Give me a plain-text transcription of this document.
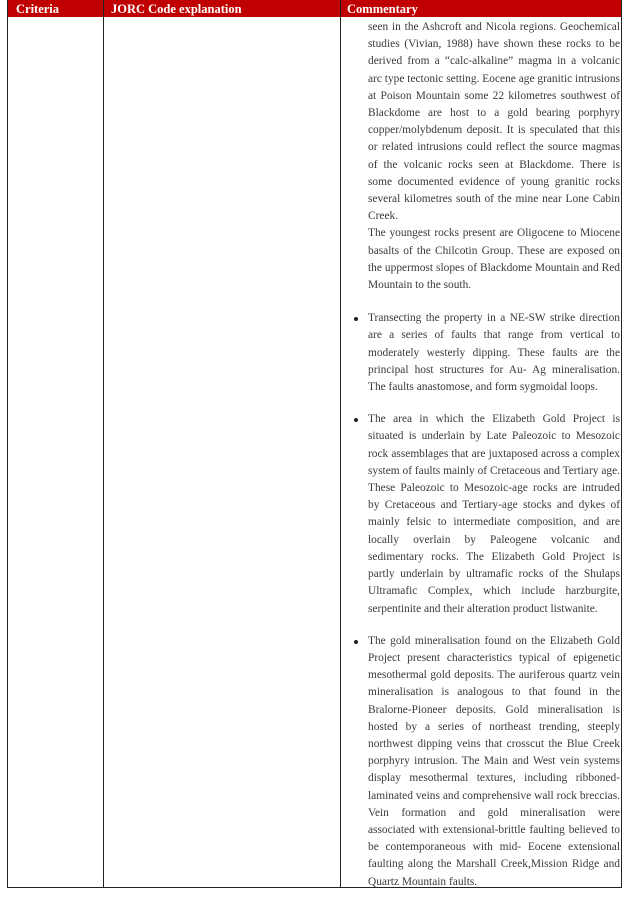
Criteria	JORC Code explanation	Commentary

seen in the Ashcroft and Nicola regions. Geochemical studies (Vivian, 1988) have shown these rocks to be derived from a “calc-alkaline” magma in a volcanic arc type tectonic setting. Eocene age granitic intrusions at Poison Mountain some 22 kilometres southwest of Blackdome are host to a gold bearing porphyry copper/molybdenum deposit. It is speculated that this or related intrusions could reflect the source magmas of the volcanic rocks seen at Blackdome. There is some documented evidence of young granitic rocks several kilometres south of the mine near Lone Cabin Creek.

The youngest rocks present are Oligocene to Miocene basalts of the Chilcotin Group. These are exposed on the uppermost slopes of Blackdome Mountain and Red Mountain to the south.

Transecting the property in a NE-SW strike direction are a series of faults that range from vertical to moderately westerly dipping. These faults are the principal host structures for Au- Ag mineralisation. The faults anastomose, and form sygmoidal loops.
The area in which the Elizabeth Gold Project is situated is underlain by Late Paleozoic to Mesozoic rock assemblages that are juxtaposed across a complex system of faults mainly of Cretaceous and Tertiary age. These Paleozoic to Mesozoic-age rocks are intruded by Cretaceous and Tertiary-age stocks and dykes of mainly felsic to intermediate composition, and are locally overlain by Paleogene volcanic and sedimentary rocks. The Elizabeth Gold Project is partly underlain by ultramafic rocks of the Shulaps Ultramafic Complex, which include harzburgite, serpentinite and their alteration product listwanite.
The gold mineralisation found on the Elizabeth Gold Project present characteristics typical of epigenetic mesothermal gold deposits. The auriferous quartz vein mineralisation is analogous to that found in the Bralorne-Pioneer deposits. Gold mineralisation is hosted by a series of northeast trending, steeply northwest dipping veins that crosscut the Blue Creek porphyry intrusion. The Main and West vein systems display mesothermal textures, including ribboned-laminated veins and comprehensive wall rock breccias. Vein formation and gold mineralisation were associated with extensional-brittle faulting believed to be contemporaneous with mid- Eocene extensional faulting along the Marshall Creek,Mission Ridge and Quartz Mountain faults.
